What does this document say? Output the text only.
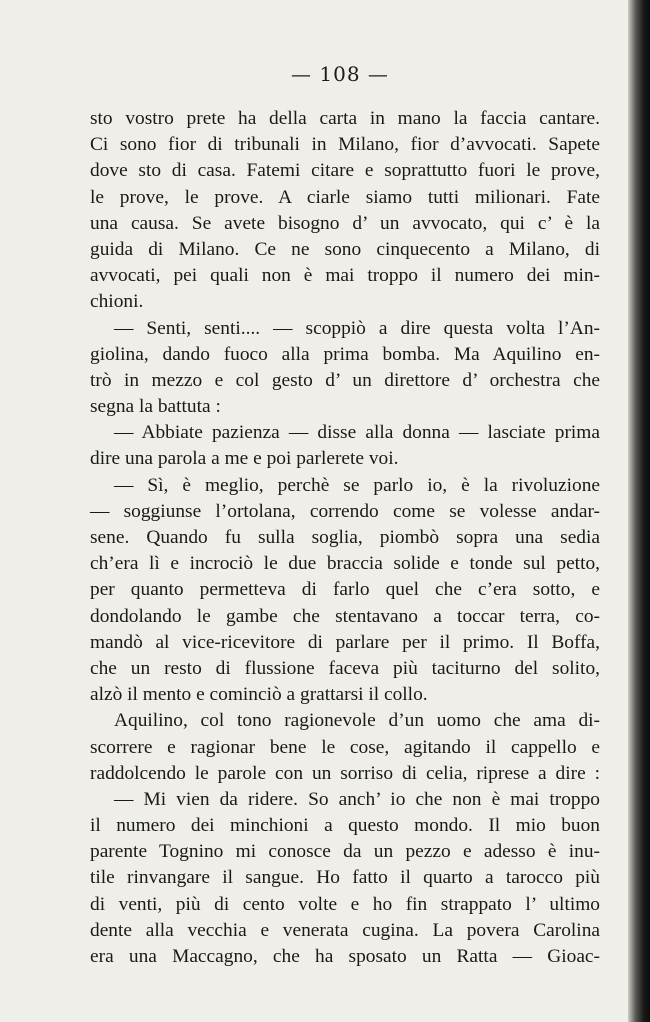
— 108 —
sto vostro prete ha della carta in mano la faccia cantare.
Ci sono fior di tribunali in Milano, fior d’avvocati. Sapete
dove sto di casa. Fatemi citare e soprattutto fuori le prove,
le prove, le prove. A ciarle siamo tutti milionari. Fate
una causa. Se avete bisogno d’ un avvocato, qui c’ è la
guida di Milano. Ce ne sono cinquecento a Milano, di
avvocati, pei quali non è mai troppo il numero dei min-
chioni.
— Senti, senti.... — scoppiò a dire questa volta l’An-
giolina, dando fuoco alla prima bomba. Ma Aquilino en-
trò in mezzo e col gesto d’ un direttore d’ orchestra che
segna la battuta :
— Abbiate pazienza — disse alla donna — lasciate prima
dire una parola a me e poi parlerete voi.
— Sì, è meglio, perchè se parlo io, è la rivoluzione
— soggiunse l’ortolana, correndo come se volesse andar-
sene. Quando fu sulla soglia, piombò sopra una sedia
ch’era lì e incrociò le due braccia solide e tonde sul petto,
per quanto permetteva di farlo quel che c’era sotto, e
dondolando le gambe che stentavano a toccar terra, co-
mandò al vice-ricevitore di parlare per il primo. Il Boffa,
che un resto di flussione faceva più taciturno del solito,
alzò il mento e cominciò a grattarsi il collo.
Aquilino, col tono ragionevole d’un uomo che ama di-
scorrere e ragionar bene le cose, agitando il cappello e
raddolcendo le parole con un sorriso di celia, riprese a dire :
— Mi vien da ridere. So anch’ io che non è mai troppo
il numero dei minchioni a questo mondo. Il mio buon
parente Tognino mi conosce da un pezzo e adesso è inu-
tile rinvangare il sangue. Ho fatto il quarto a tarocco più
di venti, più di cento volte e ho fin strappato l’ ultimo
dente alla vecchia e venerata cugina. La povera Carolina
era una Maccagno, che ha sposato un Ratta — Gioac-
